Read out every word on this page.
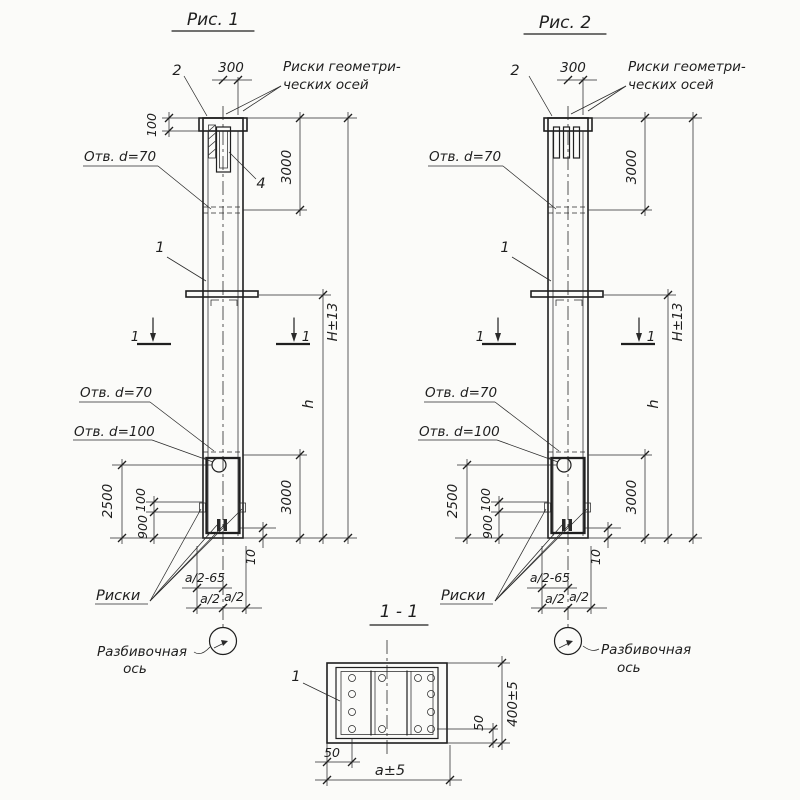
Рис. 1
2	300	Риски геометри-
ческих осей
100
Отв. d=70
4 3000
1
H±13
h
1	1
Отв. d=70
Отв. d=100
2500 100
900
3000
10
Риски
a/2-65
a/2 a/2
Разбивочная
ось
Рис. 2
2	300	Риски геометри-
ческих осей
Отв. d=70	3000
1
H±13
h
1	1
Отв. d=70
Отв. d=100
2500 100
900
3000
10
Риски
a/2-65
a/2 a/2
Разбивочная
ось
1 - 1
1
400±5
50
50
a±5
